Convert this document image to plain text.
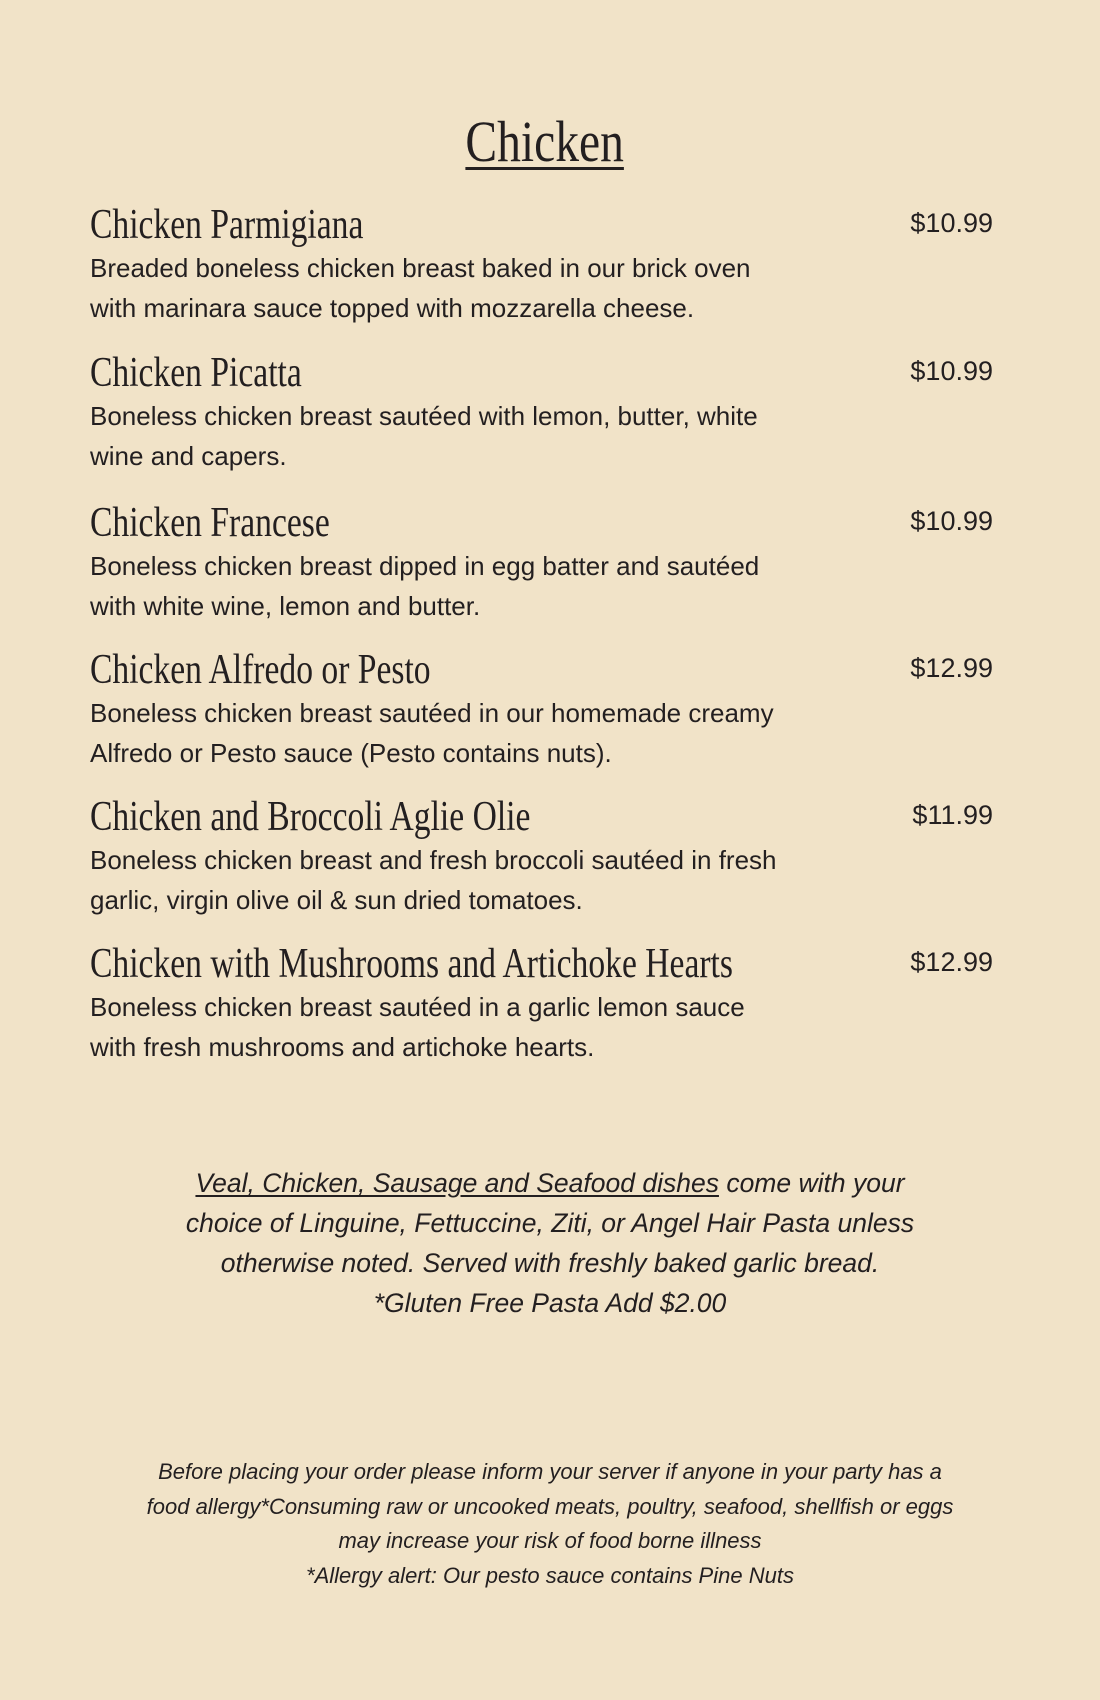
Chicken
Chicken Parmigiana	$10.99
Breaded boneless chicken breast baked in our brick oven
with marinara sauce topped with mozzarella cheese.
Chicken Picatta	$10.99
Boneless chicken breast sautéed with lemon, butter, white
wine and capers.
Chicken Francese	$10.99
Boneless chicken breast dipped in egg batter and sautéed
with white wine, lemon and butter.
Chicken Alfredo or Pesto	$12.99
Boneless chicken breast sautéed in our homemade creamy
Alfredo or Pesto sauce (Pesto contains nuts).
Chicken and Broccoli Aglie Olie	$11.99
Boneless chicken breast and fresh broccoli sautéed in fresh
garlic, virgin olive oil & sun dried tomatoes.
Chicken with Mushrooms and Artichoke Hearts	$12.99
Boneless chicken breast sautéed in a garlic lemon sauce
with fresh mushrooms and artichoke hearts.
Veal, Chicken, Sausage and Seafood dishes come with your
choice of Linguine, Fettuccine, Ziti, or Angel Hair Pasta unless
otherwise noted. Served with freshly baked garlic bread.
*Gluten Free Pasta Add $2.00
Before placing your order please inform your server if anyone in your party has a
food allergy*Consuming raw or uncooked meats, poultry, seafood, shellfish or eggs
may increase your risk of food borne illness
*Allergy alert: Our pesto sauce contains Pine Nuts
